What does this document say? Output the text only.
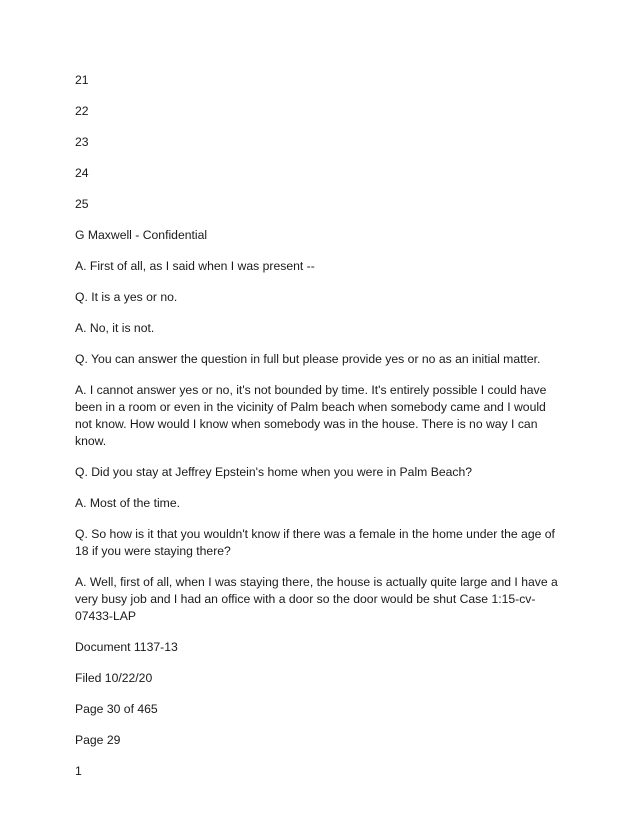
21

22

23

24

25

G Maxwell - Confidential

A. First of all, as I said when I was present --

Q. It is a yes or no.

A. No, it is not.

Q. You can answer the question in full but please provide yes or no as an initial matter.

A. I cannot answer yes or no, it's not bounded by time. It's entirely possible I could have been in a room or even in the vicinity of Palm beach when somebody came and I would not know. How would I know when somebody was in the house. There is no way I can know.

Q. Did you stay at Jeffrey Epstein's home when you were in Palm Beach?

A. Most of the time.

Q. So how is it that you wouldn't know if there was a female in the home under the age of 18 if you were staying there?

A. Well, first of all, when I was staying there, the house is actually quite large and I have a very busy job and I had an office with a door so the door would be shut Case 1:15-cv-07433-LAP

Document 1137-13

Filed 10/22/20

Page 30 of 465

Page 29

1
